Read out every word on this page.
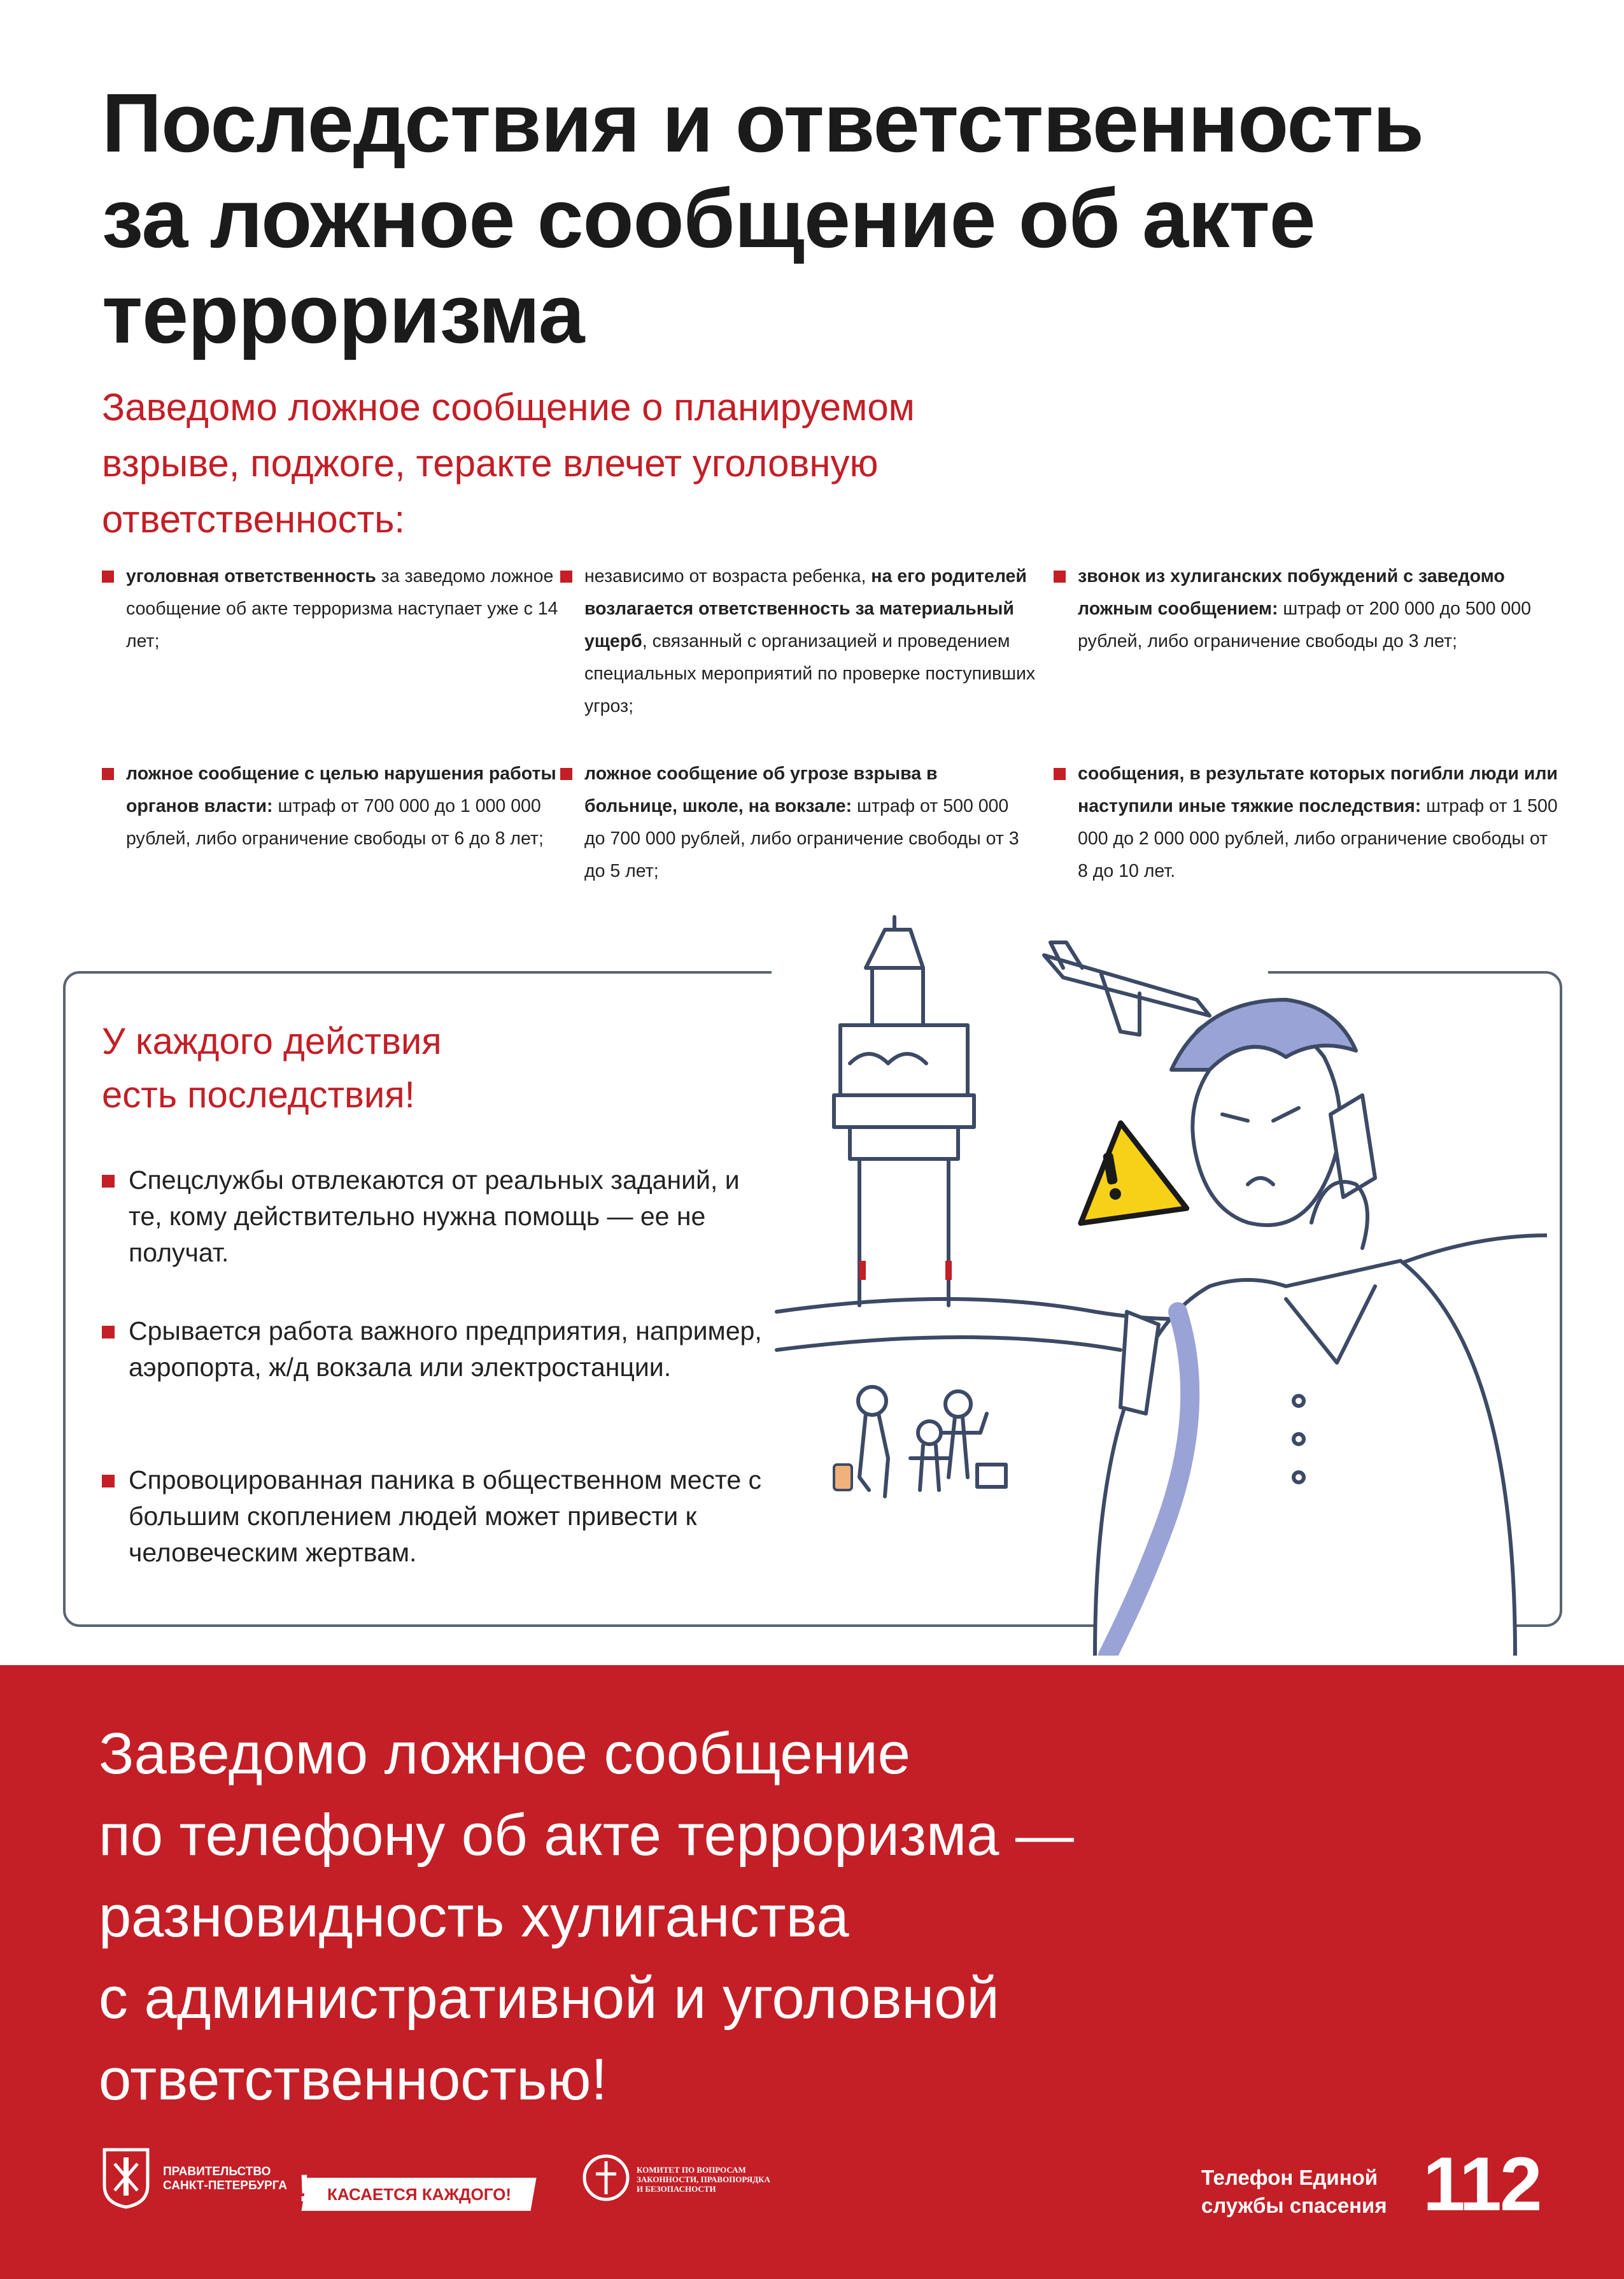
Последствия и ответственность
за ложное сообщение об акте
терроризма

Заведомо ложное сообщение о планируемом
взрыве, поджоге, теракте влечет уголовную
ответственность:

уголовная ответственность за заведомо ложное сообщение об акте терроризма наступает уже с 14 лет;
независимо от возраста ребенка, на его родителей возлагается ответственность за материальный ущерб, связанный с организацией и проведением специальных мероприятий по проверке поступивших угроз;
звонок из хулиганских побуждений с заведомо ложным сообщением: штраф от 200 000 до 500 000 рублей, либо ограничение свободы до 3 лет;
ложное сообщение с целью нарушения работы органов власти: штраф от 700 000 до 1 000 000 рублей, либо ограничение свободы от 6 до 8 лет;
ложное сообщение об угрозе взрыва в больнице, школе, на вокзале: штраф от 500 000 до 700 000 рублей, либо ограничение свободы от 3 до 5 лет;
сообщения, в результате которых погибли люди или наступили иные тяжкие последствия: штраф от 1 500 000 до 2 000 000 рублей, либо ограничение свободы от 8 до 10 лет.

У каждого действия
есть последствия!

Спецслужбы отвлекаются от реальных заданий, и те, кому действительно нужна помощь — ее не получат.
Срывается работа важного предприятия, например, аэропорта, ж/д вокзала или электростанции.
Спровоцированная паника в общественном месте с большим скоплением людей может привести к человеческим жертвам.

Заведомо ложное сообщение
по телефону об акте терроризма —
разновидность хулиганства
с административной и уголовной
ответственностью!

ПРАВИТЕЛЬСТВО
САНКТ-ПЕТЕРБУРГА	КАСАЕТСЯ КАЖДОГО!
!	КОМИТЕТ ПО ВОПРОСАМ
ЗАКОННОСТИ, ПРАВОПОРЯДКА
И БЕЗОПАСНОСТИ	Телефон Единой
службы спасения 112
